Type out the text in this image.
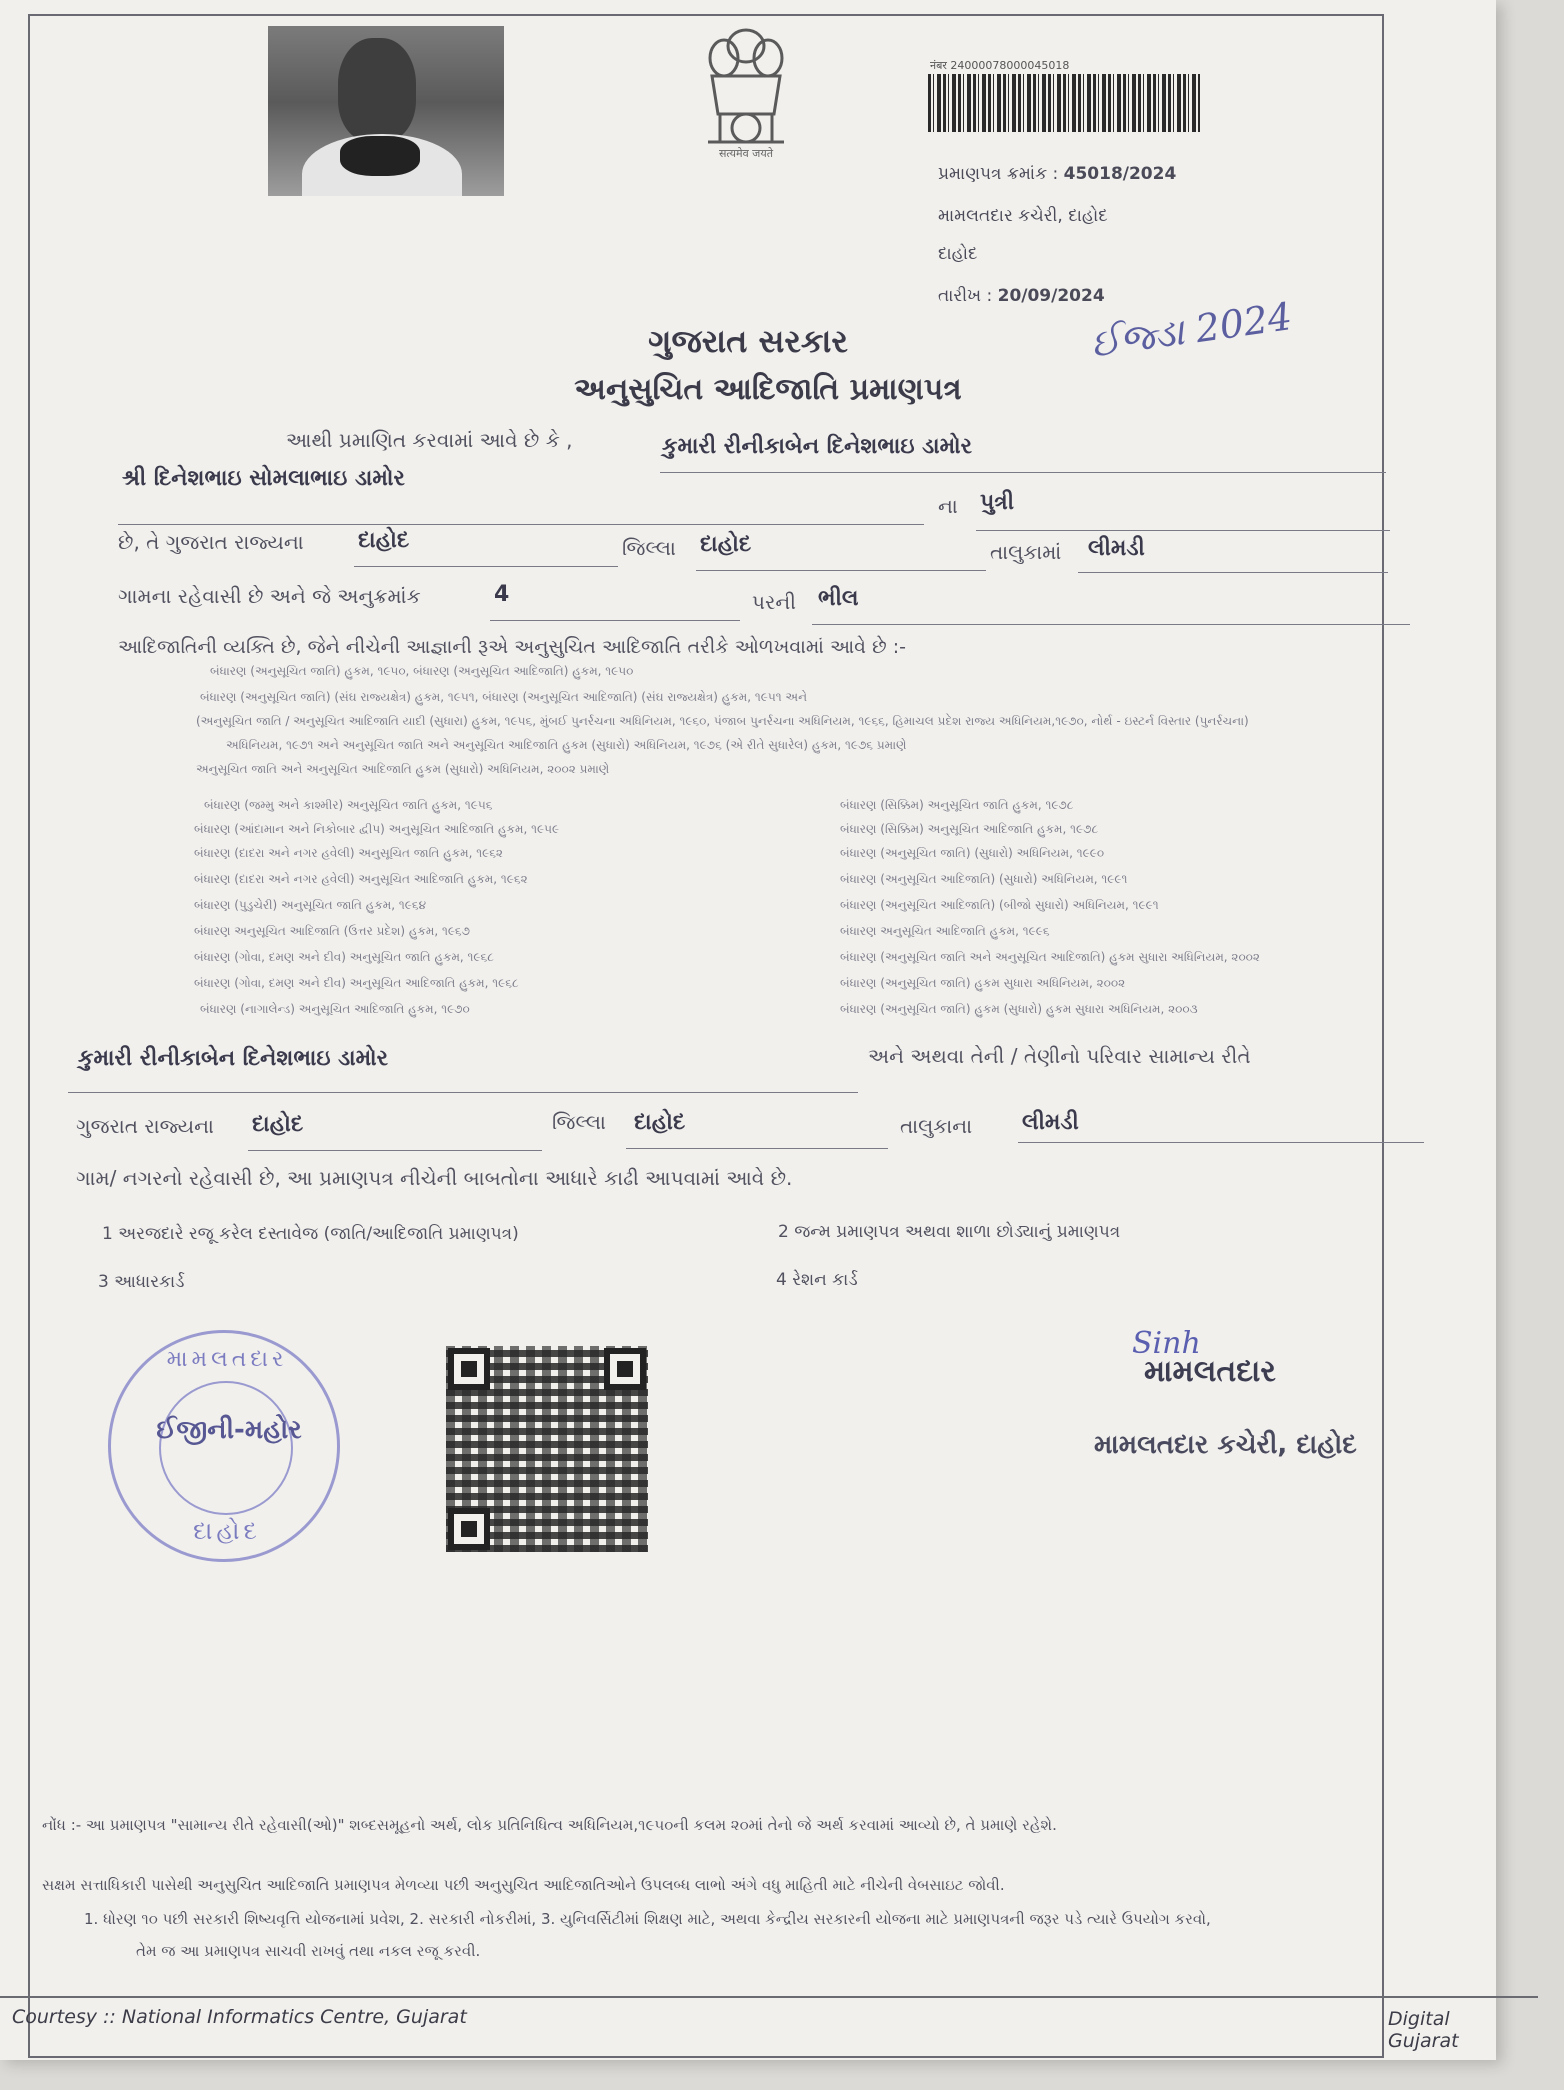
सत्यमेव जयते
नंबर 24000078000045018
પ્રમાણપત્ર ક્રમાંક : 45018/2024
મામલતદાર કચેરી, દાહોદ
દાહોદ
તારીખ : 20/09/2024
ઈજ્ડા 2024
ગુજરાત સરકાર
અનુસુચિત આદિજાતિ પ્રમાણપત્ર
આથી પ્રમાણિત કરવામાં આવે છે કે ,	કુમારી રીનીકાબેન દિનેશભાઇ ડામોર
શ્રી દિનેશભાઇ સોમલાભાઇ ડામોર
ના પુત્રી
છે, તે ગુજરાત રાજ્યના દાહોદ	જિલ્લા દાહોદ	તાલુકામાં લીમડી
ગામના રહેવાસી છે અને જે અનુક્રમાંક	4	પરની ભીલ
આદિજાતિની વ્યક્તિ છે, જેને નીચેની આજ્ઞાની રૂએ અનુસુચિત આદિજાતિ તરીકે ઓળખવામાં આવે છે :-
બંધારણ (અનુસૂચિત જાતિ) હુકમ, ૧૯૫૦, બંધારણ (અનુસૂચિત આદિજાતિ) હુકમ, ૧૯૫૦
બંધારણ (અનુસૂચિત જાતિ) (સંઘ રાજ્યક્ષેત્ર) હુકમ, ૧૯૫૧, બંધારણ (અનુસૂચિત આદિજાતિ) (સંઘ રાજ્યક્ષેત્ર) હુકમ, ૧૯૫૧ અને
(અનુસૂચિત જાતિ / અનુસૂચિત આદિજાતિ યાદી (સુધારા) હુકમ, ૧૯૫૬, મુંબઈ પુનર્રચના અધિનિયમ, ૧૯૬૦, પંજાબ પુનર્રચના અધિનિયમ, ૧૯૬૬, હિમાચલ પ્રદેશ રાજ્ય અધિનિયમ,૧૯૭૦, નોર્થ - ઇસ્ટર્ન વિસ્તાર (પુનર્રચના)
અધિનિયમ, ૧૯૭૧ અને અનુસૂચિત જાતિ અને અનુસૂચિત આદિજાતિ હુકમ (સુધારો) અધિનિયમ, ૧૯૭૬ (એ રીતે સુધારેલ) હુકમ, ૧૯૭૬ પ્રમાણે
અનુસૂચિત જાતિ અને અનુસૂચિત આદિજાતિ હુકમ (સુધારો) અધિનિયમ, ૨૦૦૨ પ્રમાણે
બંધારણ (જમ્મુ અને કાશ્મીર) અનુસૂચિત જાતિ હુકમ, ૧૯૫૬
બંધારણ (આંદામાન અને નિકોબાર દ્વીપ) અનુસૂચિત આદિજાતિ હુકમ, ૧૯૫૯
બંધારણ (દાદરા અને નગર હવેલી) અનુસૂચિત જાતિ હુકમ, ૧૯૬૨
બંધારણ (દાદરા અને નગર હવેલી) અનુસૂચિત આદિજાતિ હુકમ, ૧૯૬૨
બંધારણ (પુડુચેરી) અનુસૂચિત જાતિ હુકમ, ૧૯૬૪
બંધારણ અનુસૂચિત આદિજાતિ (ઉત્તર પ્રદેશ) હુકમ, ૧૯૬૭
બંધારણ (ગોવા, દમણ અને દીવ) અનુસૂચિત જાતિ હુકમ, ૧૯૬૮
બંધારણ (ગોવા, દમણ અને દીવ) અનુસૂચિત આદિજાતિ હુકમ, ૧૯૬૮
બંધારણ (નાગાલેન્ડ) અનુસૂચિત આદિજાતિ હુકમ, ૧૯૭૦
બંધારણ (સિક્કિમ) અનુસૂચિત જાતિ હુકમ, ૧૯૭૮
બંધારણ (સિક્કિમ) અનુસૂચિત આદિજાતિ હુકમ, ૧૯૭૮
બંધારણ (અનુસૂચિત જાતિ) (સુધારો) અધિનિયમ, ૧૯૯૦
બંધારણ (અનુસૂચિત આદિજાતિ) (સુધારો) અધિનિયમ, ૧૯૯૧
બંધારણ (અનુસૂચિત આદિજાતિ) (બીજો સુધારો) અધિનિયમ, ૧૯૯૧
બંધારણ અનુસૂચિત આદિજાતિ હુકમ, ૧૯૯૬
બંધારણ (અનુસૂચિત જાતિ અને અનુસૂચિત આદિજાતિ) હુકમ સુધારા અધિનિયમ, ૨૦૦૨
બંધારણ (અનુસૂચિત જાતિ) હુકમ સુધારા અધિનિયમ, ૨૦૦૨
બંધારણ (અનુસૂચિત જાતિ) હુકમ (સુધારો) હુકમ સુધારા અધિનિયમ, ૨૦૦૩
કુમારી રીનીકાબેન દિનેશભાઇ ડામોર	અને અથવા તેની / તેણીનો પરિવાર સામાન્ય રીતે
ગુજરાત રાજ્યના દાહોદ	જિલ્લા દાહોદ	તાલુકાના લીમડી
ગામ/ નગરનો રહેવાસી છે, આ પ્રમાણપત્ર નીચેની બાબતોના આધારે કાઢી આપવામાં આવે છે.
1 અરજદારે રજૂ કરેલ દસ્તાવેજ (જાતિ/આદિજાતિ પ્રમાણપત્ર)	2 જન્મ પ્રમાણપત્ર અથવા શાળા છોડ્યાનું પ્રમાણપત્ર
3 આધારકાર્ડ	4 રેશન કાર્ડ
મામલતદાર
ઈજીની-મહોર
દાહોદ
Sinh
મામલતદાર
મામલતદાર કચેરી, દાહોદ
નોંધ :- આ પ્રમાણપત્ર "સામાન્ય રીતે રહેવાસી(ઓ)" શબ્દસમૂહનો અર્થ, લોક પ્રતિનિધિત્વ અધિનિયમ,૧૯૫૦ની કલમ ૨૦માં તેનો જે અર્થ કરવામાં આવ્યો છે, તે પ્રમાણે રહેશે.
સક્ષમ સત્તાધિકારી પાસેથી અનુસુચિત આદિજાતિ પ્રમાણપત્ર મેળવ્યા પછી અનુસુચિત આદિજાતિઓને ઉપલબ્ધ લાભો અંગે વધુ માહિતી માટે નીચેની વેબસાઇટ જોવી.
1. ધોરણ ૧૦ પછી સરકારી શિષ્યવૃત્તિ યોજનામાં પ્રવેશ, 2. સરકારી નોકરીમાં, 3. યુનિવર્સિટીમાં શિક્ષણ માટે, અથવા કેન્દ્રીય સરકારની યોજના માટે પ્રમાણપત્રની જરૂર પડે ત્યારે ઉપયોગ કરવો,
તેમ જ આ પ્રમાણપત્ર સાચવી રાખવું તથા નકલ રજૂ કરવી.
Courtesy :: National Informatics Centre, Gujarat	Digital Gujarat
